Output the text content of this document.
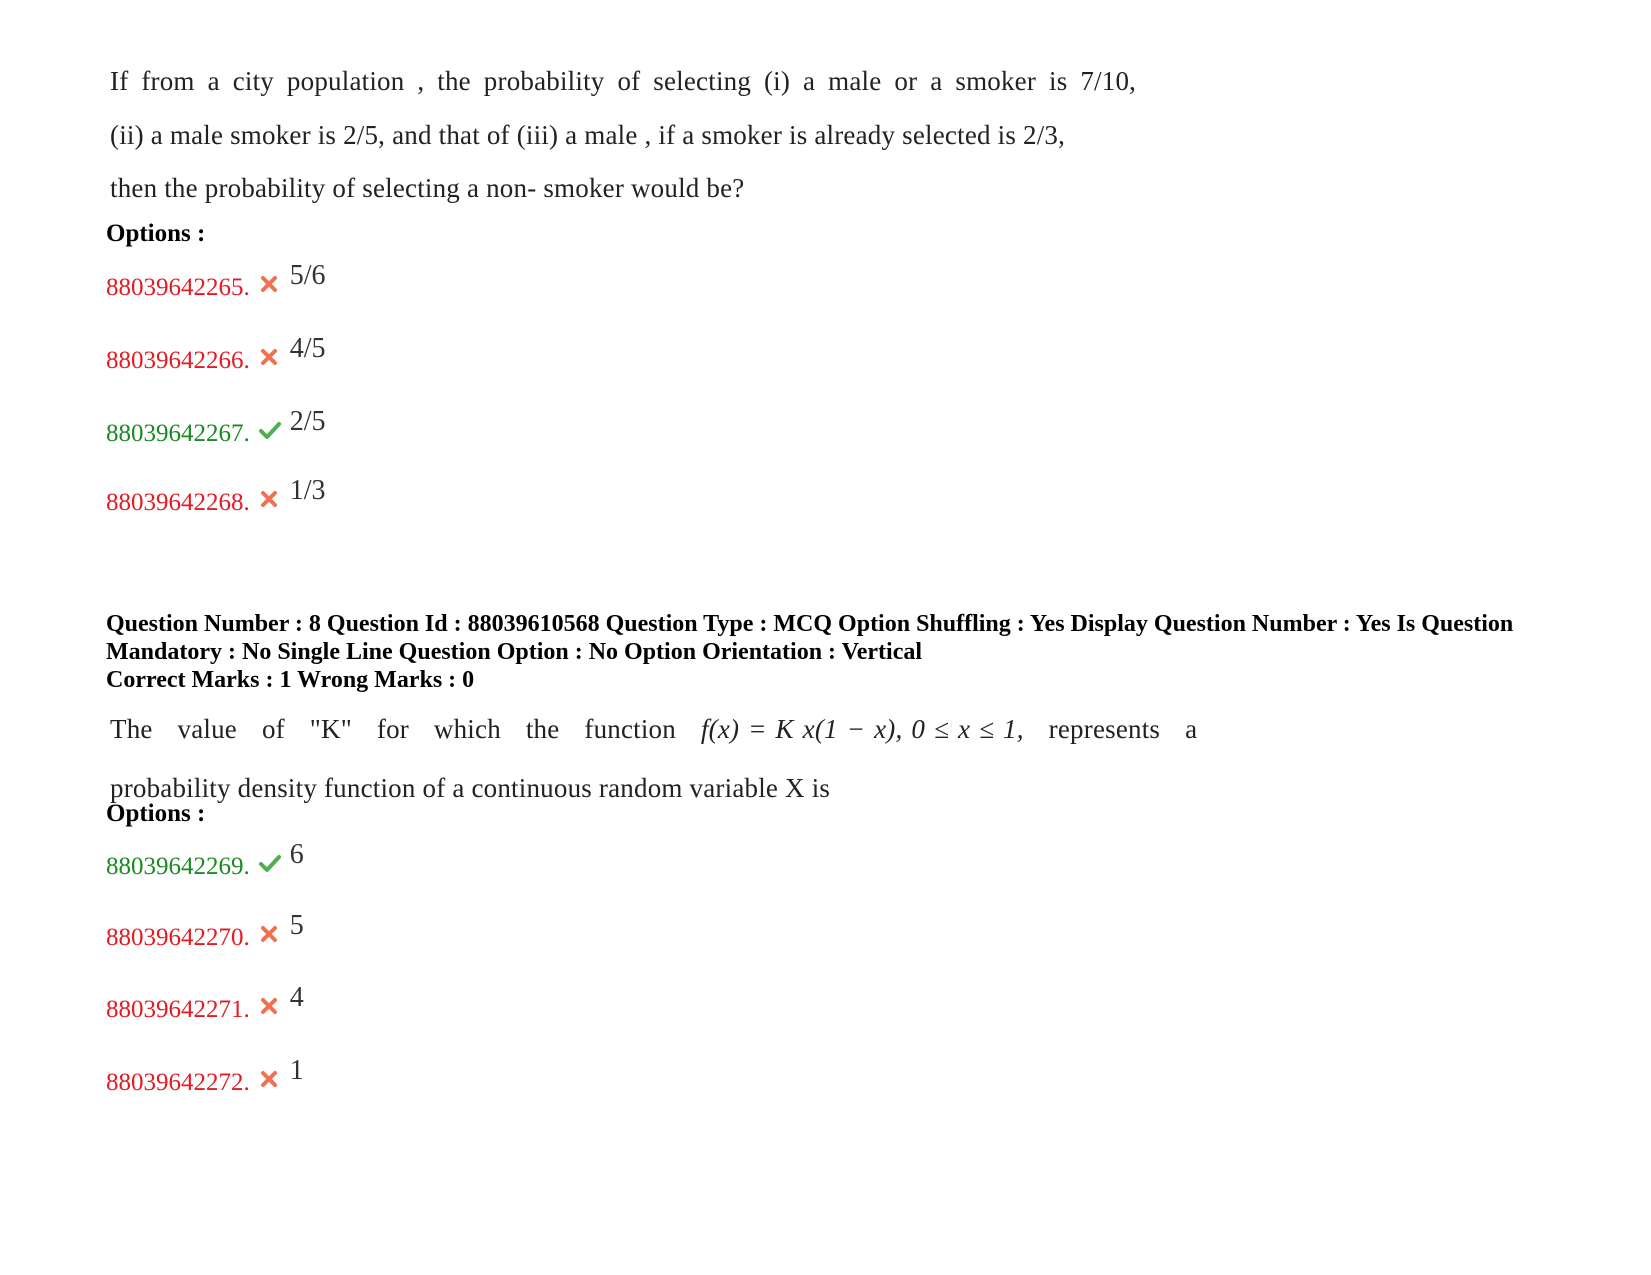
If from a city population , the probability of selecting (i) a male or a smoker is 7/10,
(ii) a male smoker is 2/5, and that of (iii) a male , if a smoker is already selected is 2/3,
then the probability of selecting a non- smoker would be?
Options :
88039642265. 5/6
88039642266. 4/5
88039642267. 2/5
88039642268. 1/3
Question Number : 8 Question Id : 88039610568 Question Type : MCQ Option Shuffling : Yes Display Question Number : Yes Is Question Mandatory : No Single Line Question Option : No Option Orientation : Vertical
Correct Marks : 1 Wrong Marks : 0
The value of "K" for which the function f(x) = K x(1 − x), 0 ≤ x ≤ 1, represents a
probability density function of a continuous random variable X is
Options :
88039642269. 6
88039642270. 5
88039642271. 4
88039642272. 1
